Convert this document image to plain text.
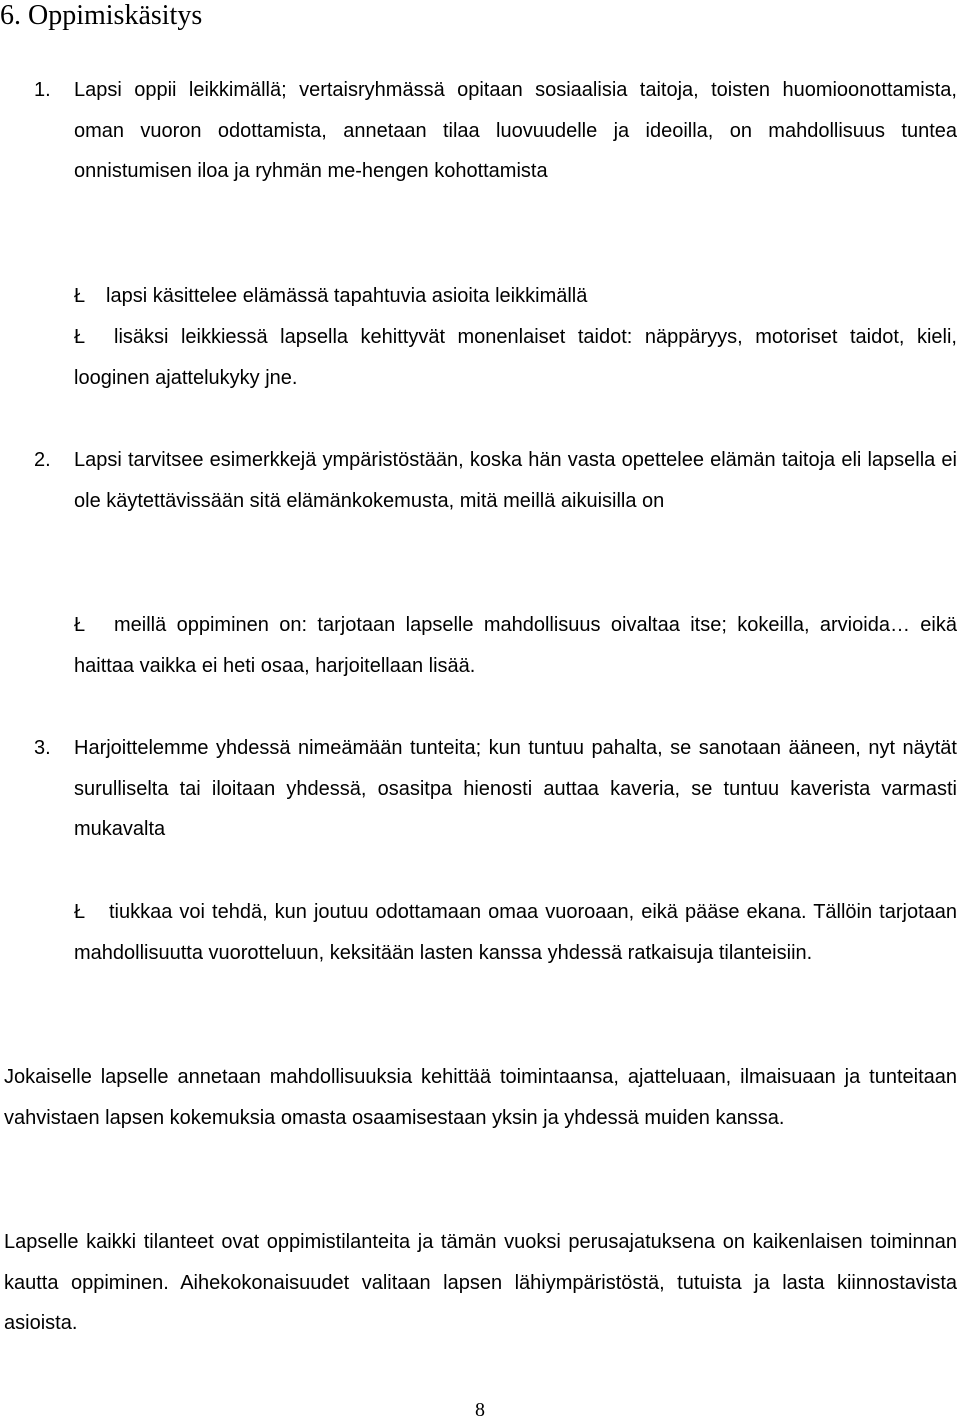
6. Oppimiskäsitys
1. Lapsi oppii leikkimällä; vertaisryhmässä opitaan sosiaalisia taitoja, toisten huomioonottamista, oman vuoron odottamista, annetaan tilaa luovuudelle ja ideoilla, on mahdollisuus tuntea onnistumisen iloa ja ryhmän me-hengen kohottamista

Ł	lapsi käsittelee elämässä tapahtuvia asioita leikkimällä

Ł	lisäksi leikkiessä lapsella kehittyvät monenlaiset taidot: näppäryys, motoriset taidot, kieli, looginen ajattelukyky jne.

2. Lapsi tarvitsee esimerkkejä ympäristöstään, koska hän vasta opettelee elämän taitoja eli lapsella ei ole käytettävissään sitä elämänkokemusta, mitä meillä aikuisilla on

Ł	meillä oppiminen on: tarjotaan lapselle mahdollisuus oivaltaa itse; kokeilla, arvioida… eikä haittaa vaikka ei heti osaa, harjoitellaan lisää.

3. Harjoittelemme yhdessä nimeämään tunteita; kun tuntuu pahalta, se sanotaan ääneen, nyt näytät surulliselta tai iloitaan yhdessä, osasitpa hienosti auttaa kaveria, se tuntuu kaverista varmasti mukavalta

Ł	tiukkaa voi tehdä, kun joutuu odottamaan omaa vuoroaan, eikä pääse ekana. Tällöin tarjotaan mahdollisuutta vuorotteluun, keksitään lasten kanssa yhdessä ratkaisuja tilanteisiin.

Jokaiselle lapselle annetaan mahdollisuuksia kehittää toimintaansa, ajatteluaan, ilmaisuaan ja tunteitaan vahvistaen lapsen kokemuksia omasta osaamisestaan yksin ja yhdessä muiden kanssa.

Lapselle kaikki tilanteet ovat oppimistilanteita ja tämän vuoksi perusajatuksena on kaikenlaisen toiminnan kautta oppiminen. Aihekokonaisuudet valitaan lapsen lähiympäristöstä, tutuista ja lasta kiinnostavista asioista.

8
